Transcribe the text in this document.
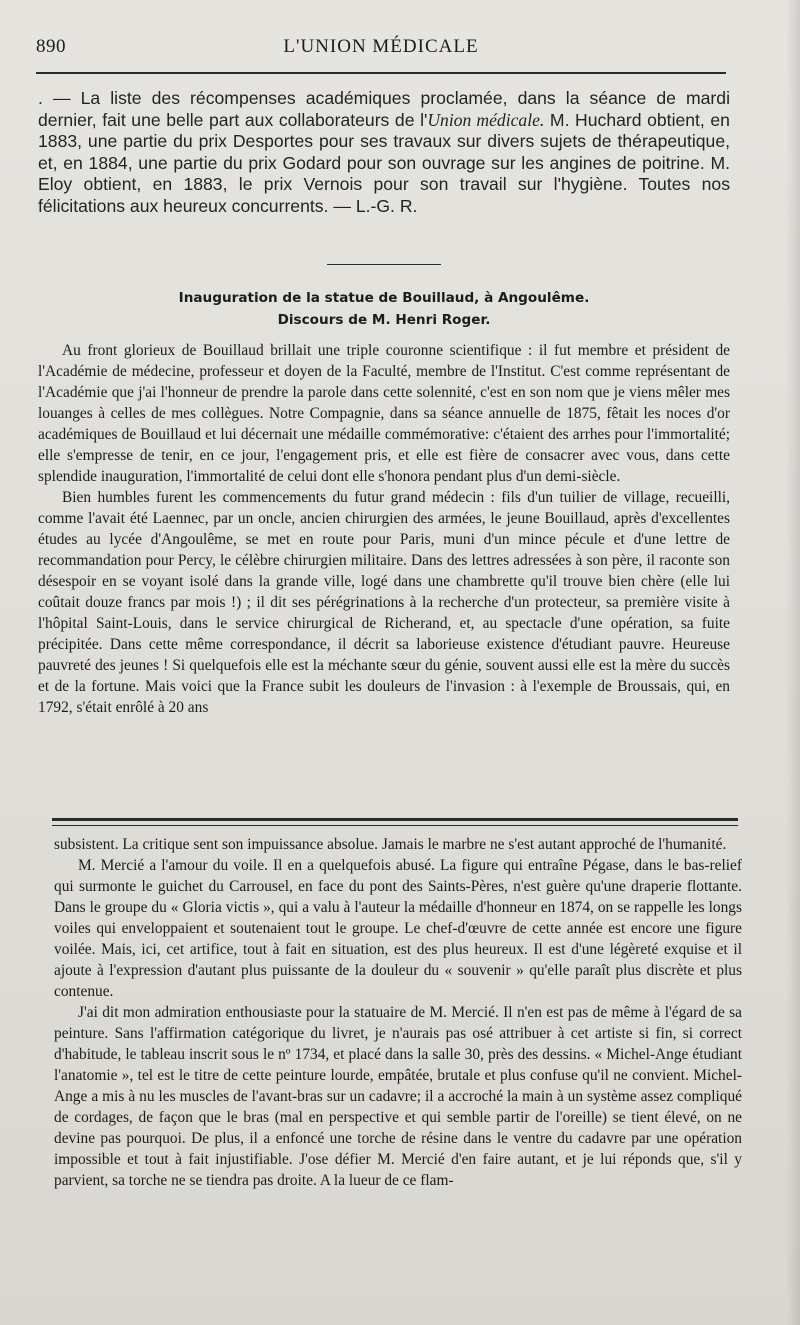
890	L'UNION MÉDICALE

. — La liste des récompenses académiques proclamée, dans la séance de mardi dernier, fait une belle part aux collaborateurs de l'Union médicale. M. Huchard obtient, en 1883, une partie du prix Desportes pour ses travaux sur divers sujets de thérapeutique, et, en 1884, une partie du prix Godard pour son ouvrage sur les angines de poitrine. M. Eloy obtient, en 1883, le prix Vernois pour son travail sur l'hygiène. Toutes nos félicitations aux heureux concurrents. — L.-G. R.

Inauguration de la statue de Bouillaud, à Angoulême.
Discours de M. Henri Roger.

Au front glorieux de Bouillaud brillait une triple couronne scientifique : il fut membre et président de l'Académie de médecine, professeur et doyen de la Faculté, membre de l'Institut. C'est comme représentant de l'Académie que j'ai l'honneur de prendre la parole dans cette solennité, c'est en son nom que je viens mêler mes louanges à celles de mes collègues. Notre Compagnie, dans sa séance annuelle de 1875, fêtait les noces d'or académiques de Bouillaud et lui décernait une médaille commémorative: c'étaient des arrhes pour l'immortalité; elle s'empresse de tenir, en ce jour, l'engagement pris, et elle est fière de consacrer avec vous, dans cette splendide inauguration, l'immortalité de celui dont elle s'honora pendant plus d'un demi-siècle.

Bien humbles furent les commencements du futur grand médecin : fils d'un tuilier de village, recueilli, comme l'avait été Laennec, par un oncle, ancien chirurgien des armées, le jeune Bouillaud, après d'excellentes études au lycée d'Angoulême, se met en route pour Paris, muni d'un mince pécule et d'une lettre de recommandation pour Percy, le célèbre chirurgien militaire. Dans des lettres adressées à son père, il raconte son désespoir en se voyant isolé dans la grande ville, logé dans une chambrette qu'il trouve bien chère (elle lui coûtait douze francs par mois !) ; il dit ses pérégrinations à la recherche d'un protecteur, sa première visite à l'hôpital Saint-Louis, dans le service chirurgical de Richerand, et, au spectacle d'une opération, sa fuite précipitée. Dans cette même correspondance, il décrit sa laborieuse existence d'étudiant pauvre. Heureuse pauvreté des jeunes ! Si quelquefois elle est la méchante sœur du génie, souvent aussi elle est la mère du succès et de la fortune. Mais voici que la France subit les douleurs de l'invasion : à l'exemple de Broussais, qui, en 1792, s'était enrôlé à 20 ans

subsistent. La critique sent son impuissance absolue. Jamais le marbre ne s'est autant approché de l'humanité.

M. Mercié a l'amour du voile. Il en a quelquefois abusé. La figure qui entraîne Pégase, dans le bas-relief qui surmonte le guichet du Carrousel, en face du pont des Saints-Pères, n'est guère qu'une draperie flottante. Dans le groupe du « Gloria victis », qui a valu à l'auteur la médaille d'honneur en 1874, on se rappelle les longs voiles qui enveloppaient et soutenaient tout le groupe. Le chef-d'œuvre de cette année est encore une figure voilée. Mais, ici, cet artifice, tout à fait en situation, est des plus heureux. Il est d'une légèreté exquise et il ajoute à l'expression d'autant plus puissante de la douleur du « souvenir » qu'elle paraît plus discrète et plus contenue.

J'ai dit mon admiration enthousiaste pour la statuaire de M. Mercié. Il n'en est pas de même à l'égard de sa peinture. Sans l'affirmation catégorique du livret, je n'aurais pas osé attribuer à cet artiste si fin, si correct d'habitude, le tableau inscrit sous le nº 1734, et placé dans la salle 30, près des dessins. « Michel-Ange étudiant l'anatomie », tel est le titre de cette peinture lourde, empâtée, brutale et plus confuse qu'il ne convient. Michel-Ange a mis à nu les muscles de l'avant-bras sur un cadavre; il a accroché la main à un système assez compliqué de cordages, de façon que le bras (mal en perspective et qui semble partir de l'oreille) se tient élevé, on ne devine pas pourquoi. De plus, il a enfoncé une torche de résine dans le ventre du cadavre par une opération impossible et tout à fait injustifiable. J'ose défier M. Mercié d'en faire autant, et je lui réponds que, s'il y parvient, sa torche ne se tiendra pas droite. A la lueur de ce flam-
